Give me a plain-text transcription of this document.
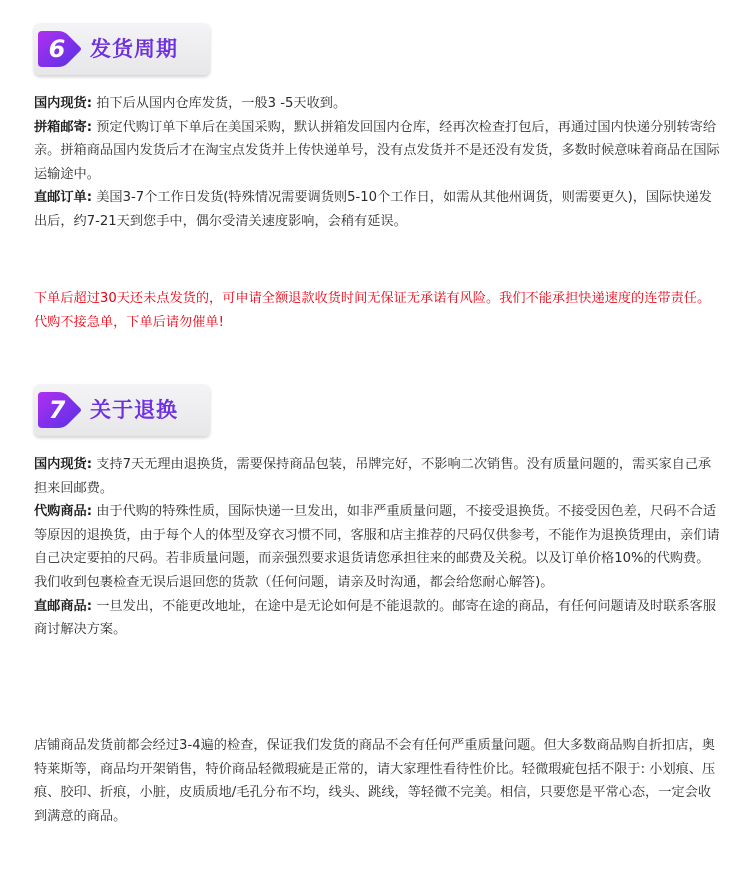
6	发货周期
国内现货: 拍下后从国内仓库发货，一般3 -5天收到。
拼箱邮寄: 预定代购订单下单后在美国采购，默认拼箱发回国内仓库，经再次检查打包后，再通过国内快递分别转寄给亲。拼箱商品国内发货后才在淘宝点发货并上传快递单号，没有点发货并不是还没有发货，多数时候意味着商品在国际运输途中。
直邮订单: 美国3-7个工作日发货(特殊情况需要调货则5-10个工作日，如需从其他州调货，则需要更久)，国际快递发出后，约7-21天到您手中，偶尔受清关速度影响，会稍有延误。
下单后超过30天还未点发货的，可申请全额退款收货时间无保证无承诺有风险。我们不能承担快递速度的连带责任。代购不接急单，下单后请勿催单!
7	关于退换
国内现货: 支持7天无理由退换货，需要保持商品包装，吊牌完好，不影响二次销售。没有质量问题的，需买家自己承担来回邮费。
代购商品: 由于代购的特殊性质，国际快递一旦发出，如非严重质量问题，不接受退换货。不接受因色差，尺码不合适等原因的退换货，由于每个人的体型及穿衣习惯不同，客服和店主推荐的尺码仅供参考，不能作为退换货理由，亲们请自己决定要拍的尺码。若非质量问题，而亲强烈要求退货请您承担往来的邮费及关税。以及订单价格10%的代购费。我们收到包裹检查无误后退回您的货款（任何问题，请亲及时沟通，都会给您耐心解答)。
直邮商品: 一旦发出，不能更改地址，在途中是无论如何是不能退款的。邮寄在途的商品，有任何问题请及时联系客服商讨解决方案。
店铺商品发货前都会经过3-4遍的检查，保证我们发货的商品不会有任何严重质量问题。但大多数商品购自折扣店，奥特莱斯等，商品均开架销售，特价商品轻微瑕疵是正常的，请大家理性看待性价比。轻微瑕疵包括不限于: 小划痕、压痕、胶印、折痕，小脏，皮质质地/毛孔分布不均，线头、跳线，等轻微不完美。相信，只要您是平常心态，一定会收到满意的商品。
